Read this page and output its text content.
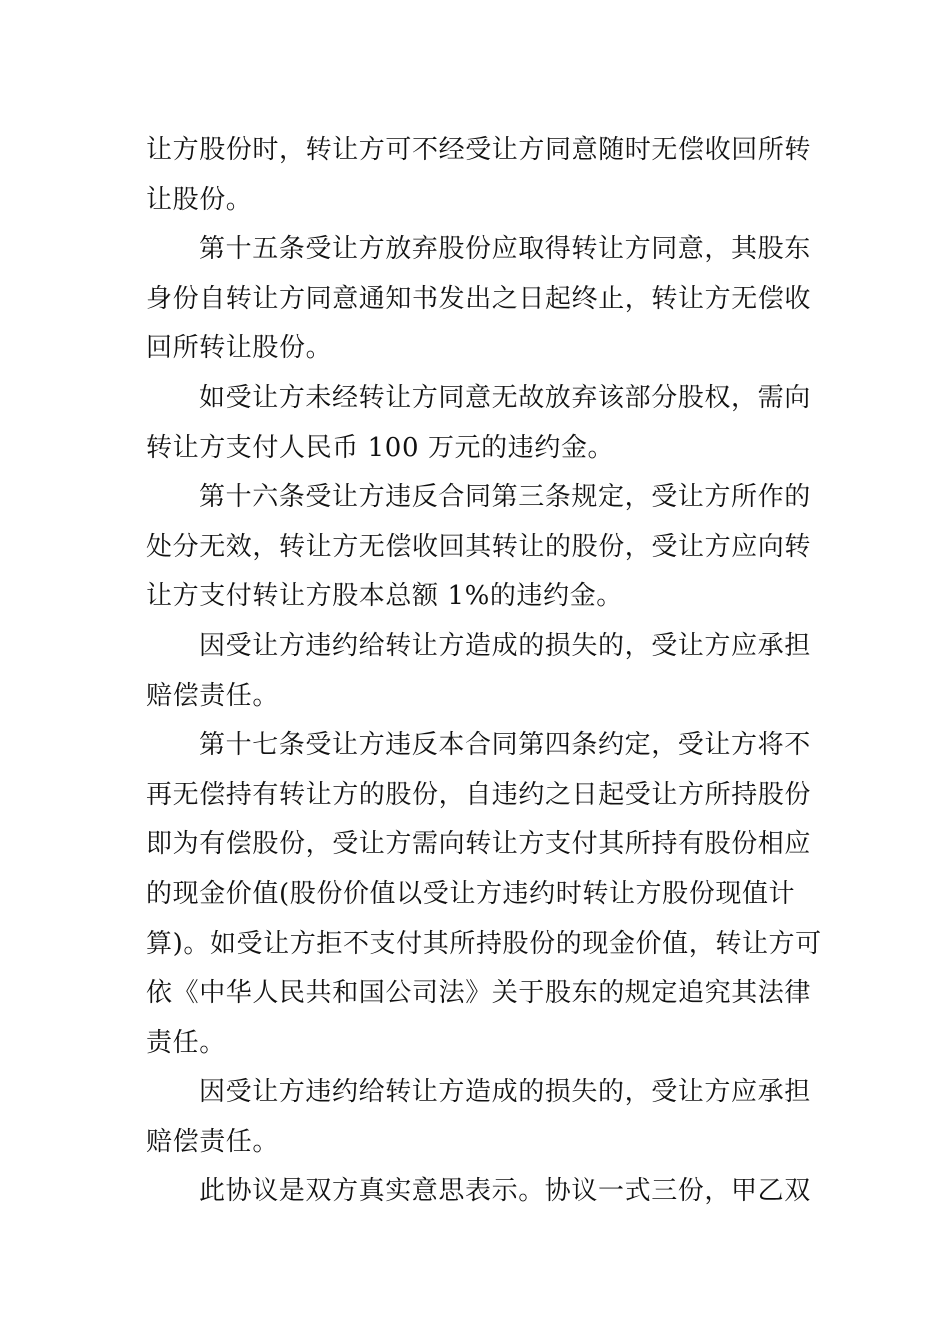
让方股份时，转让方可不经受让方同意随时无偿收回所转
让股份。
第十五条受让方放弃股份应取得转让方同意，其股东
身份自转让方同意通知书发出之日起终止，转让方无偿收
回所转让股份。
如受让方未经转让方同意无故放弃该部分股权，需向
转让方支付人民币 100 万元的违约金。
第十六条受让方违反合同第三条规定，受让方所作的
处分无效，转让方无偿收回其转让的股份，受让方应向转
让方支付转让方股本总额 1%的违约金。
因受让方违约给转让方造成的损失的，受让方应承担
赔偿责任。
第十七条受让方违反本合同第四条约定，受让方将不
再无偿持有转让方的股份，自违约之日起受让方所持股份
即为有偿股份，受让方需向转让方支付其所持有股份相应
的现金价值(股份价值以受让方违约时转让方股份现值计
算)。如受让方拒不支付其所持股份的现金价值，转让方可
依《中华人民共和国公司法》关于股东的规定追究其法律
责任。
因受让方违约给转让方造成的损失的，受让方应承担
赔偿责任。
此协议是双方真实意思表示。协议一式三份，甲乙双
